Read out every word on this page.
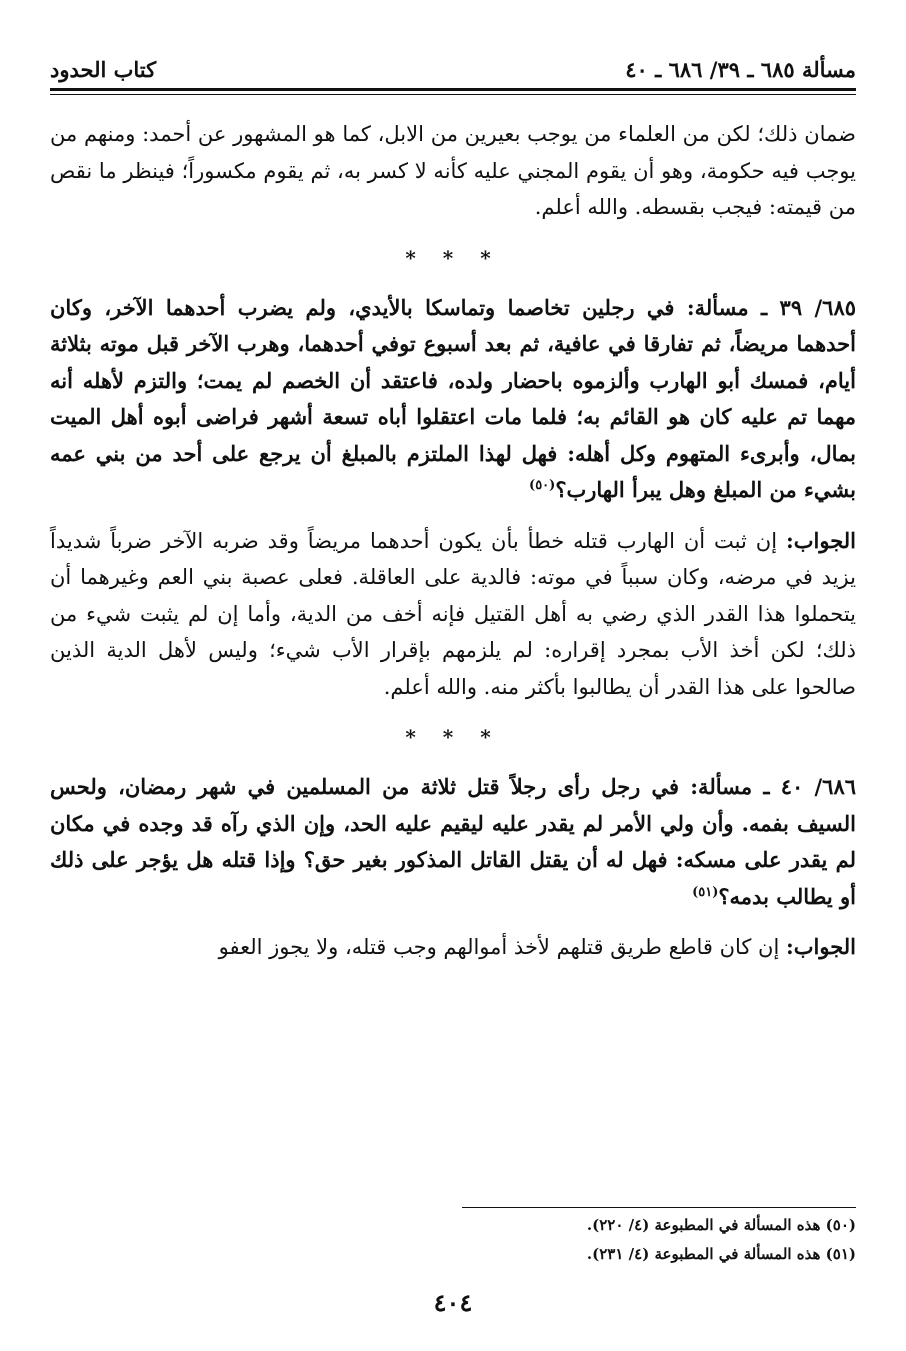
مسألة ٦٨٥ ـ ٣٩/ ٦٨٦ ـ ٤٠
كتاب الحدود

ضمان ذلك؛ لكن من العلماء من يوجب بعيرين من الابل، كما هو المشهور عن أحمد: ومنهم من يوجب فيه حكومة، وهو أن يقوم المجني عليه كأنه لا كسر به، ثم يقوم مكسوراً؛ فينظر ما نقص من قيمته: فيجب بقسطه. والله أعلم.

* * *

٦٨٥/ ٣٩ ـ مسألة: في رجلين تخاصما وتماسكا بالأيدي، ولم يضرب أحدهما الآخر، وكان أحدهما مريضاً، ثم تفارقا في عافية، ثم بعد أسبوع توفي أحدهما، وهرب الآخر قبل موته بثلاثة أيام، فمسك أبو الهارب وألزموه باحضار ولده، فاعتقد أن الخصم لم يمت؛ والتزم لأهله أنه مهما تم عليه كان هو القائم به؛ فلما مات اعتقلوا أباه تسعة أشهر فراضى أبوه أهل الميت بمال، وأبرىء المتهوم وكل أهله: فهل لهذا الملتزم بالمبلغ أن يرجع على أحد من بني عمه بشيء من المبلغ وهل يبرأ الهارب؟$^{(٥٠)}$

الجواب: إن ثبت أن الهارب قتله خطأ بأن يكون أحدهما مريضاً وقد ضربه الآخر ضرباً شديداً يزيد في مرضه، وكان سبباً في موته: فالدية على العاقلة. فعلى عصبة بني العم وغيرهما أن يتحملوا هذا القدر الذي رضي به أهل القتيل فإنه أخف من الدية، وأما إن لم يثبت شيء من ذلك؛ لكن أخذ الأب بمجرد إقراره: لم يلزمهم بإقرار الأب شيء؛ وليس لأهل الدية الذين صالحوا على هذا القدر أن يطالبوا بأكثر منه. والله أعلم.

* * *

٦٨٦/ ٤٠ ـ مسألة: في رجل رأى رجلاً قتل ثلاثة من المسلمين في شهر رمضان، ولحس السيف بفمه. وأن ولي الأمر لم يقدر عليه ليقيم عليه الحد، وإن الذي رآه قد وجده في مكان لم يقدر على مسكه: فهل له أن يقتل القاتل المذكور بغير حق؟ وإذا قتله هل يؤجر على ذلك أو يطالب بدمه؟$^{(٥١)}$

الجواب: إن كان قاطع طريق قتلهم لأخذ أموالهم وجب قتله، ولا يجوز العفو

(٥٠) هذه المسألة في المطبوعة (٤/ ٢٢٠).
(٥١) هذه المسألة في المطبوعة (٤/ ٢٣١).
٤٠٤
